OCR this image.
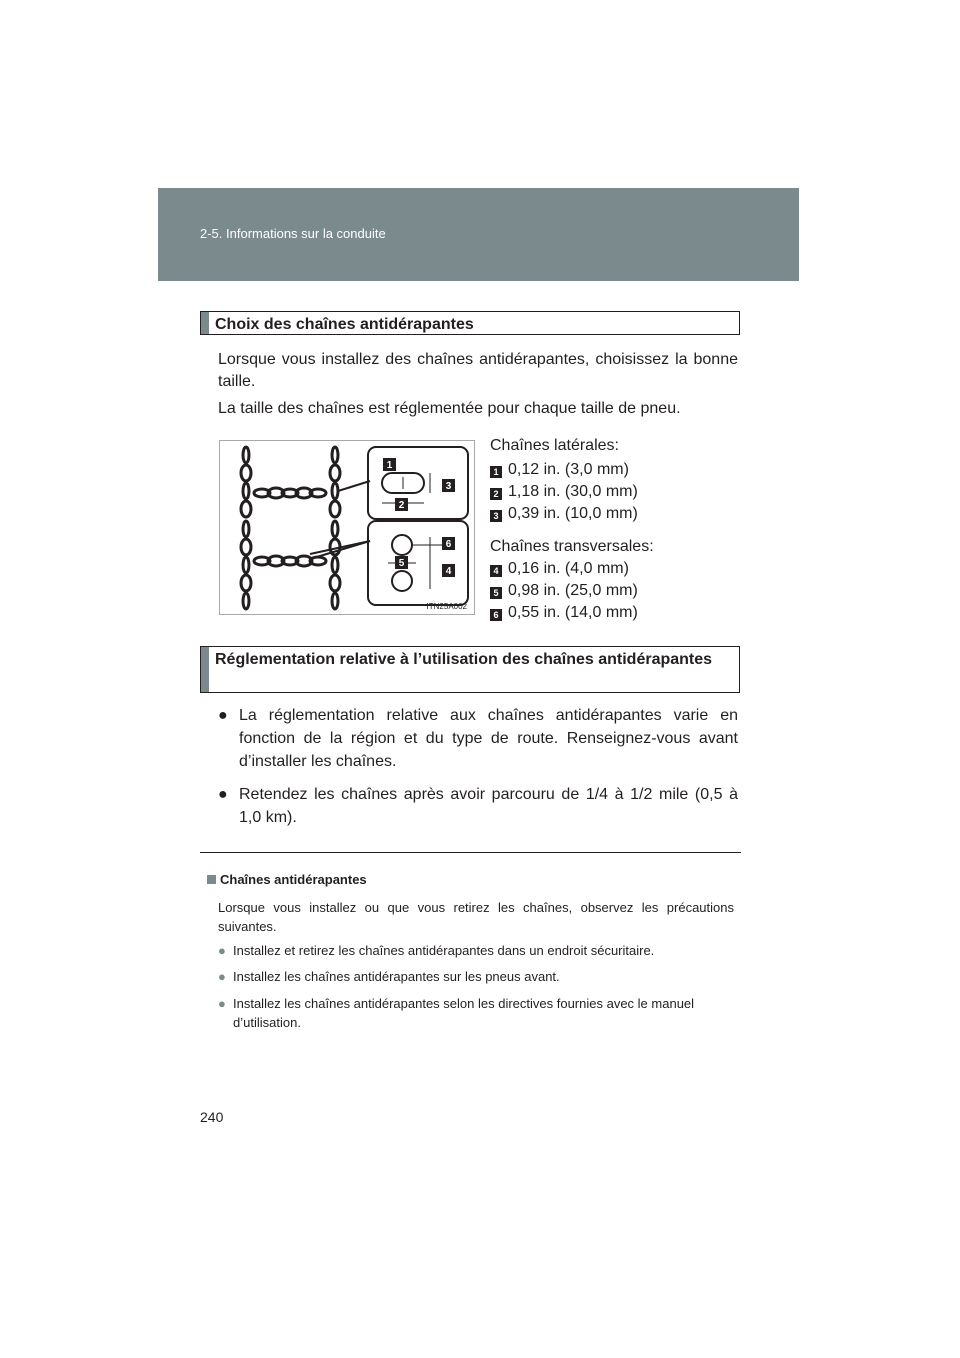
2-5. Informations sur la conduite
Choix des chaînes antidérapantes
Lorsque vous installez des chaînes antidérapantes, choisissez la bonne taille.
La taille des chaînes est réglementée pour chaque taille de pneu.
1
2
3
4
5
6
ITN25A002
Chaînes latérales:
1 0,12 in. (3,0 mm)
2 1,18 in. (30,0 mm)
3 0,39 in. (10,0 mm)
Chaînes transversales:
4 0,16 in. (4,0 mm)
5 0,98 in. (25,0 mm)
6 0,55 in. (14,0 mm)
Réglementation relative à l’utilisation des chaînes antidérapantes
● La réglementation relative aux chaînes antidérapantes varie en fonction de la région et du type de route. Renseignez-vous avant d’installer les chaînes.
● Retendez les chaînes après avoir parcouru de 1/4 à 1/2 mile (0,5 à 1,0 km).
Chaînes antidérapantes
Lorsque vous installez ou que vous retirez les chaînes, observez les précautions suivantes.
● Installez et retirez les chaînes antidérapantes dans un endroit sécuritaire.
● Installez les chaînes antidérapantes sur les pneus avant.
● Installez les chaînes antidérapantes selon les directives fournies avec le manuel d’utilisation.
240
